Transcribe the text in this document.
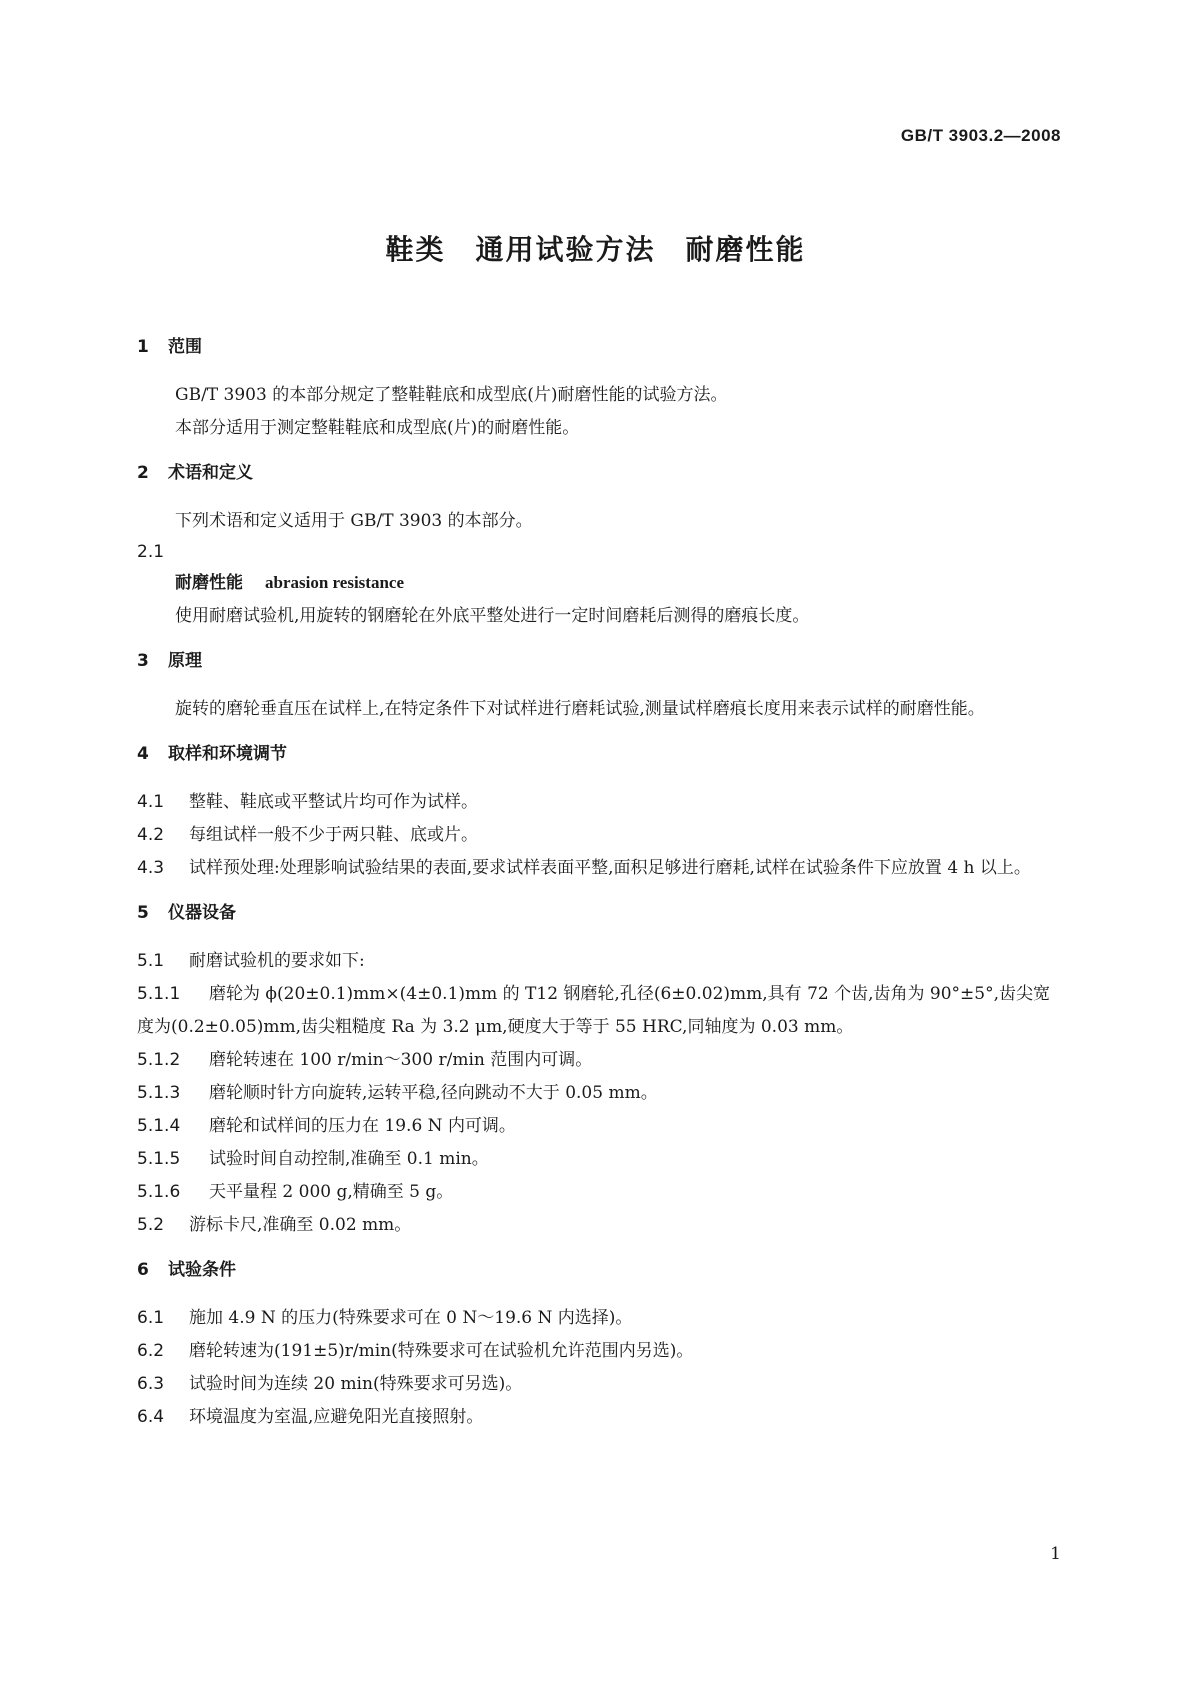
GB/T 3903.2—2008
鞋类　通用试验方法　耐磨性能
1 范围
GB/T 3903 的本部分规定了整鞋鞋底和成型底(片)耐磨性能的试验方法。
本部分适用于测定整鞋鞋底和成型底(片)的耐磨性能。
2 术语和定义
下列术语和定义适用于 GB/T 3903 的本部分。
2.1
耐磨性能 abrasion resistance
使用耐磨试验机,用旋转的钢磨轮在外底平整处进行一定时间磨耗后测得的磨痕长度。
3 原理
旋转的磨轮垂直压在试样上,在特定条件下对试样进行磨耗试验,测量试样磨痕长度用来表示试样的耐磨性能。
4 取样和环境调节
4.1 整鞋、鞋底或平整试片均可作为试样。
4.2 每组试样一般不少于两只鞋、底或片。
4.3 试样预处理:处理影响试验结果的表面,要求试样表面平整,面积足够进行磨耗,试样在试验条件下应放置 4 h 以上。
5 仪器设备
5.1 耐磨试验机的要求如下:
5.1.1 磨轮为 ϕ(20±0.1)mm×(4±0.1)mm 的 T12 钢磨轮,孔径(6±0.02)mm,具有 72 个齿,齿角为 90°±5°,齿尖宽度为(0.2±0.05)mm,齿尖粗糙度 Ra 为 3.2 μm,硬度大于等于 55 HRC,同轴度为 0.03 mm。
5.1.2 磨轮转速在 100 r/min～300 r/min 范围内可调。
5.1.3 磨轮顺时针方向旋转,运转平稳,径向跳动不大于 0.05 mm。
5.1.4 磨轮和试样间的压力在 19.6 N 内可调。
5.1.5 试验时间自动控制,准确至 0.1 min。
5.1.6 天平量程 2 000 g,精确至 5 g。
5.2 游标卡尺,准确至 0.02 mm。
6 试验条件
6.1 施加 4.9 N 的压力(特殊要求可在 0 N～19.6 N 内选择)。
6.2 磨轮转速为(191±5)r/min(特殊要求可在试验机允许范围内另选)。
6.3 试验时间为连续 20 min(特殊要求可另选)。
6.4 环境温度为室温,应避免阳光直接照射。
1
